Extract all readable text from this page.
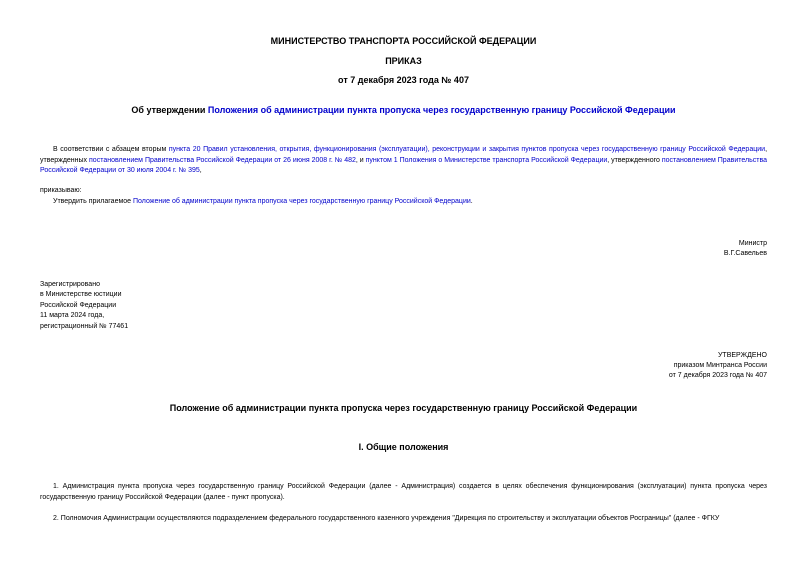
МИНИСТЕРСТВО ТРАНСПОРТА РОССИЙСКОЙ ФЕДЕРАЦИИ
ПРИКАЗ
от 7 декабря 2023 года № 407
Об утверждении Положения об администрации пункта пропуска через государственную границу Российской Федерации
В соответствии с абзацем вторым пункта 20 Правил установления, открытия, функционирования (эксплуатации), реконструкции и закрытия пунктов пропуска через государственную границу Российской Федерации, утвержденных постановлением Правительства Российской Федерации от 26 июня 2008 г. № 482, и пунктом 1 Положения о Министерстве транспорта Российской Федерации, утвержденного постановлением Правительства Российской Федерации от 30 июля 2004 г. № 395,
приказываю:
Утвердить прилагаемое Положение об администрации пункта пропуска через государственную границу Российской Федерации.
Министр
В.Г.Савельев
Зарегистрировано
в Министерстве юстиции
Российской Федерации
11 марта 2024 года,
регистрационный № 77461
УТВЕРЖДЕНО
приказом Минтранса России
от 7 декабря 2023 года № 407
Положение об администрации пункта пропуска через государственную границу Российской Федерации
I. Общие положения
1. Администрация пункта пропуска через государственную границу Российской Федерации (далее - Администрация) создается в целях обеспечения функционирования (эксплуатации) пункта пропуска через государственную границу Российской Федерации (далее - пункт пропуска).
2. Полномочия Администрации осуществляются подразделением федерального государственного казенного учреждения "Дирекция по строительству и эксплуатации объектов Росграницы" (далее - ФГКУ
